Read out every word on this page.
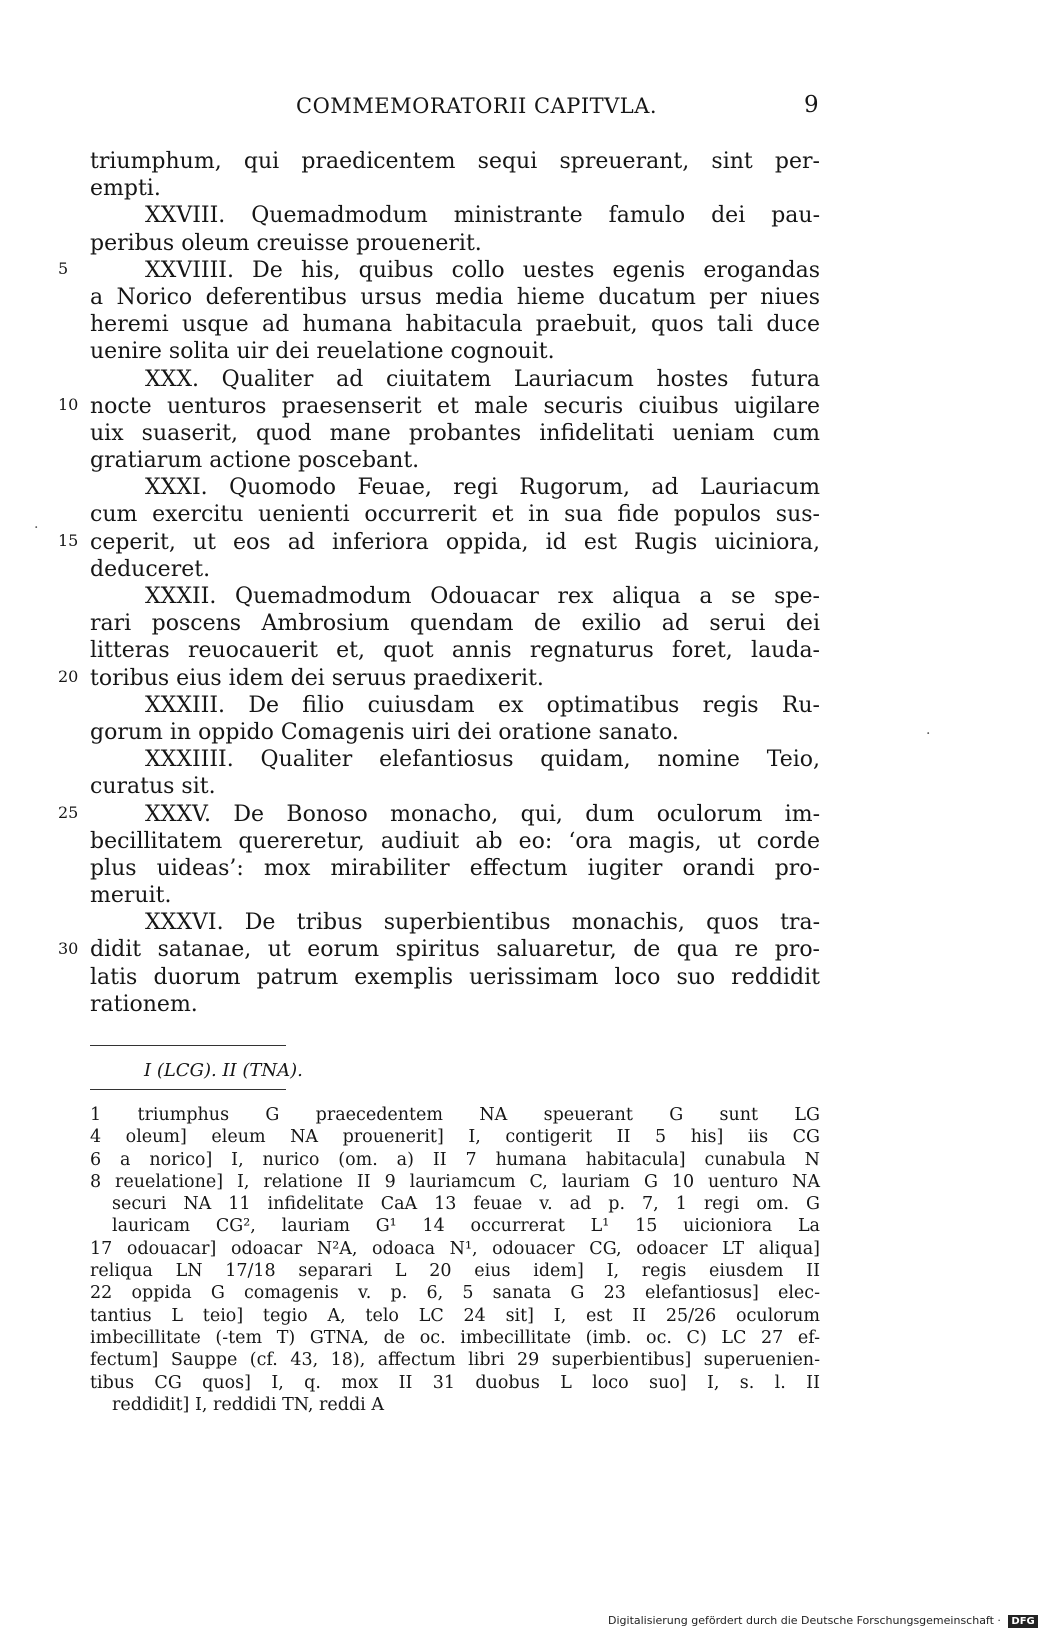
COMMEMORATORII CAPITVLA.	9
triumphum, qui praedicentem sequi spreuerant, sint per-
empti.
XXVIII. Quemadmodum ministrante famulo dei pau-
peribus oleum creuisse prouenerit.
XXVIIII. De his, quibus collo uestes egenis erogandas
5
a Norico deferentibus ursus media hieme ducatum per niues
heremi usque ad humana habitacula praebuit, quos tali duce
uenire solita uir dei reuelatione cognouit.
XXX. Qualiter ad ciuitatem Lauriacum hostes futura
nocte uenturos praesenserit et male securis ciuibus uigilare
10
uix suaserit, quod mane probantes infidelitati ueniam cum
gratiarum actione poscebant.
XXXI. Quomodo Feuae, regi Rugorum, ad Lauriacum
cum exercitu uenienti occurrerit et in sua fide populos sus-
ceperit, ut eos ad inferiora oppida, id est Rugis uiciniora,
15
deduceret.
XXXII. Quemadmodum Odouacar rex aliqua a se spe-
rari poscens Ambrosium quendam de exilio ad serui dei
litteras reuocauerit et, quot annis regnaturus foret, lauda-
toribus eius idem dei seruus praedixerit.
20
XXXIII. De filio cuiusdam ex optimatibus regis Ru-
gorum in oppido Comagenis uiri dei oratione sanato.
XXXIIII. Qualiter elefantiosus quidam, nomine Teio,
curatus sit.
XXXV. De Bonoso monacho, qui, dum oculorum im-
25
becillitatem quereretur, audiuit ab eo: ‘ora magis, ut corde
plus uideas’: mox mirabiliter effectum iugiter orandi pro-
meruit.
XXXVI. De tribus superbientibus monachis, quos tra-
didit satanae, ut eorum spiritus saluaretur, de qua re pro-
30
latis duorum patrum exemplis uerissimam loco suo reddidit
rationem.
I (LCG). II (TNA).
1 triumphus G praecedentem NA speuerant G sunt LG
4 oleum] eleum NA prouenerit] I, contigerit II 5 his] iis CG
6 a norico] I, nurico (om. a) II 7 humana habitacula] cunabula N
8 reuelatione] I, relatione II 9 lauriamcum C, lauriam G 10 uenturo NA
securi NA 11 infidelitate CaA 13 feuae v. ad p. 7, 1 regi om. G
lauricam CG², lauriam G¹ 14 occurrerat L¹ 15 uicioniora La
17 odouacar] odoacar N²A, odoaca N¹, odouacer CG, odoacer LT aliqua]
reliqua LN 17/18 separari L 20 eius idem] I, regis eiusdem II
22 oppida G comagenis v. p. 6, 5 sanata G 23 elefantiosus] elec-
tantius L teio] tegio A, telo LC 24 sit] I, est II 25/26 oculorum
imbecillitate (-tem T) GTNA, de oc. imbecillitate (imb. oc. C) LC 27 ef-
fectum] Sauppe (cf. 43, 18), affectum libri 29 superbientibus] superuenien-
tibus CG quos] I, q. mox II 31 duobus L loco suo] I, s. l. II
reddidit] I, reddidi TN, reddi A
.
·
Digitalisierung gefördert durch die Deutsche Forschungsgemeinschaft · DFG
